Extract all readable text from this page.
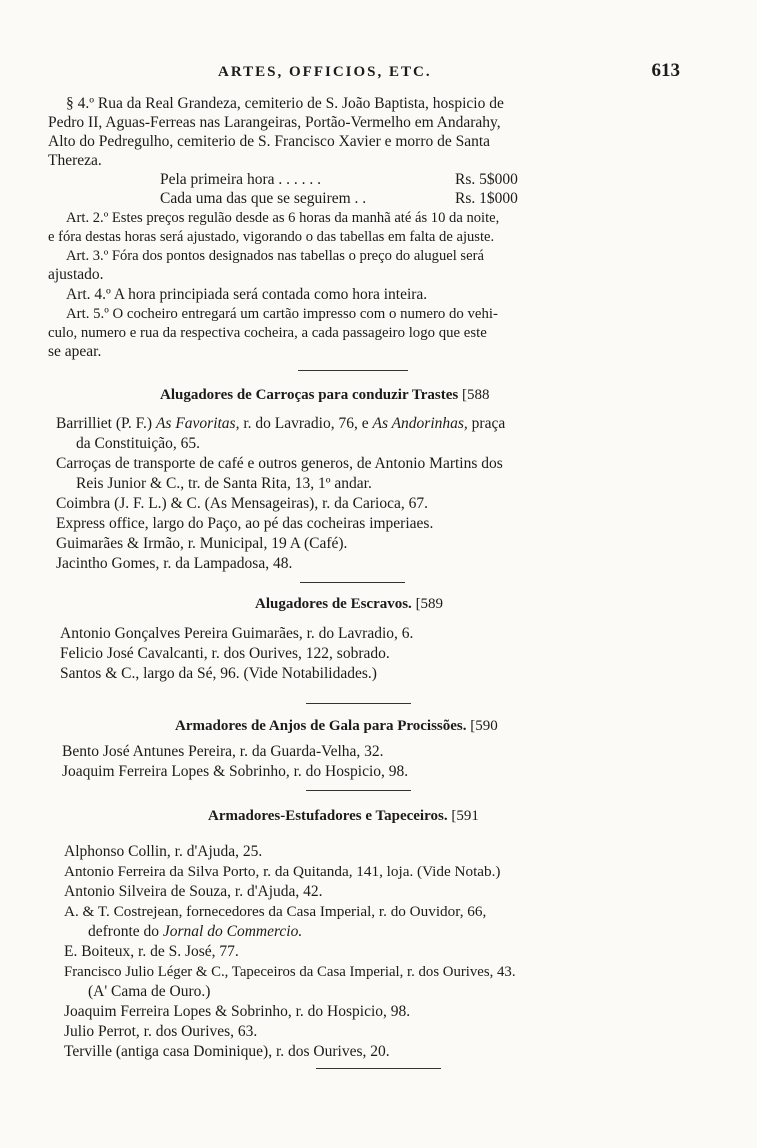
ARTES, OFFICIOS, ETC.	613
§ 4.º Rua da Real Grandeza, cemiterio de S. João Baptista, hospicio de
Pedro II, Aguas-Ferreas nas Larangeiras, Portão-Vermelho em Andarahy,
Alto do Pedregulho, cemiterio de S. Francisco Xavier e morro de Santa
Thereza.
Pela primeira hora . . . . . .	Rs. 5$000
Cada uma das que se seguirem . .	Rs. 1$000
Art. 2.º Estes preços regulão desde as 6 horas da manhã até ás 10 da noite,
e fóra destas horas será ajustado, vigorando o das tabellas em falta de ajuste.
Art. 3.º Fóra dos pontos designados nas tabellas o preço do aluguel será
ajustado.
Art. 4.º A hora principiada será contada como hora inteira.
Art. 5.º O cocheiro entregará um cartão impresso com o numero do vehi-
culo, numero e rua da respectiva cocheira, a cada passageiro logo que este
se apear.
Alugadores de Carroças para conduzir Trastes [588
Barrilliet (P. F.) As Favoritas, r. do Lavradio, 76, e As Andorinhas, praça
da Constituição, 65.
Carroças de transporte de café e outros generos, de Antonio Martins dos
Reis Junior & C., tr. de Santa Rita, 13, 1º andar.
Coimbra (J. F. L.) & C. (As Mensageiras), r. da Carioca, 67.
Express office, largo do Paço, ao pé das cocheiras imperiaes.
Guimarães & Irmão, r. Municipal, 19 A (Café).
Jacintho Gomes, r. da Lampadosa, 48.
Alugadores de Escravos. [589
Antonio Gonçalves Pereira Guimarães, r. do Lavradio, 6.
Felicio José Cavalcanti, r. dos Ourives, 122, sobrado.
Santos & C., largo da Sé, 96. (Vide Notabilidades.)
Armadores de Anjos de Gala para Procissões. [590
Bento José Antunes Pereira, r. da Guarda-Velha, 32.
Joaquim Ferreira Lopes & Sobrinho, r. do Hospicio, 98.
Armadores-Estufadores e Tapeceiros. [591
Alphonso Collin, r. d'Ajuda, 25.
Antonio Ferreira da Silva Porto, r. da Quitanda, 141, loja. (Vide Notab.)
Antonio Silveira de Souza, r. d'Ajuda, 42.
A. & T. Costrejean, fornecedores da Casa Imperial, r. do Ouvidor, 66,
defronte do Jornal do Commercio.
E. Boiteux, r. de S. José, 77.
Francisco Julio Léger & C., Tapeceiros da Casa Imperial, r. dos Ourives, 43.
(A' Cama de Ouro.)
Joaquim Ferreira Lopes & Sobrinho, r. do Hospicio, 98.
Julio Perrot, r. dos Ourives, 63.
Terville (antiga casa Dominique), r. dos Ourives, 20.
